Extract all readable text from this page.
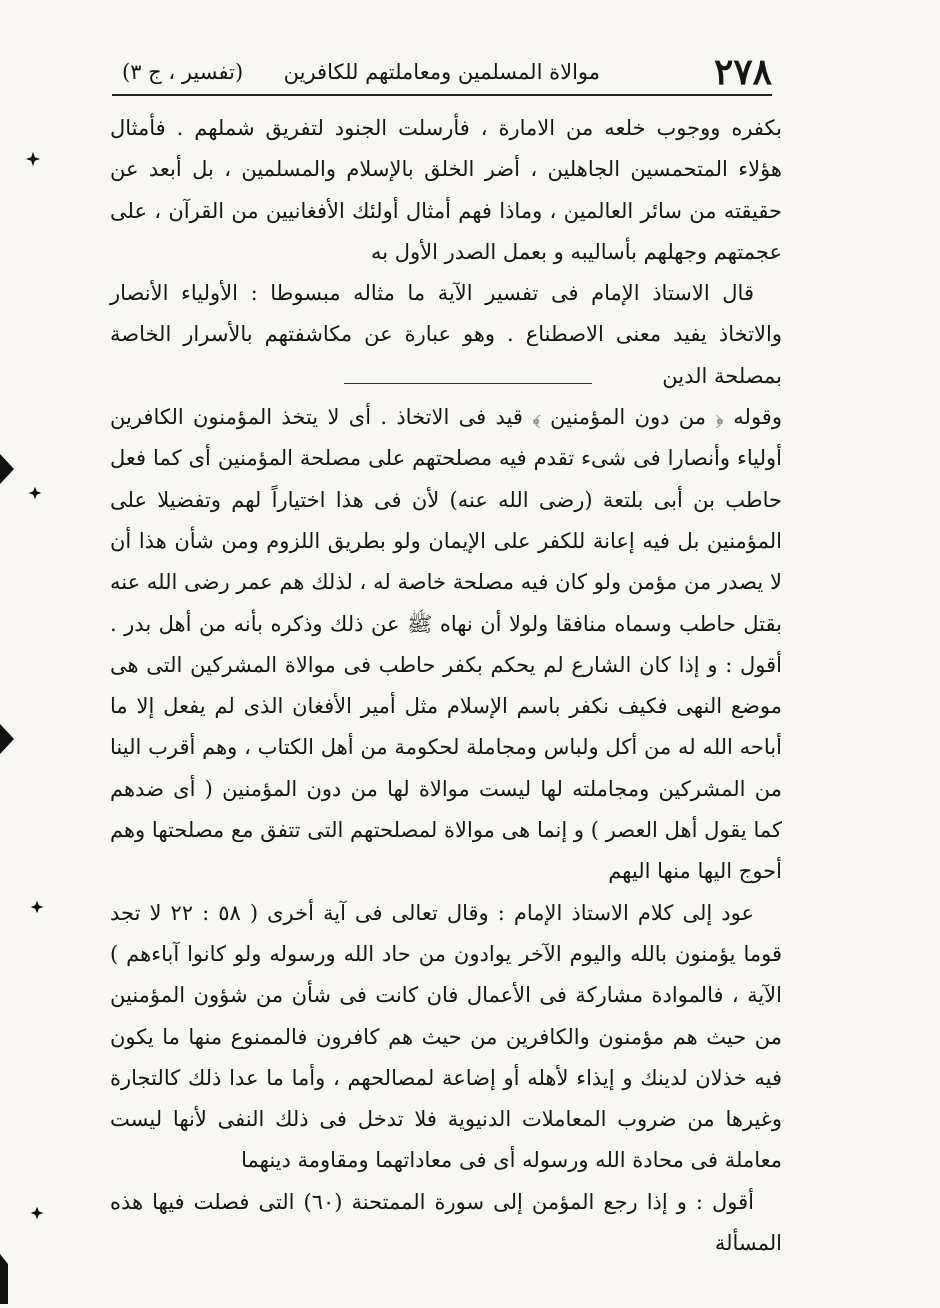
٢٧٨
موالاة المسلمين ومعاملتهم للكافرين
(تفسير ، ج ٣)

بكفره ووجوب خلعه من الامارة ، فأرسلت الجنود لتفريق شملهم . فأمثال هؤلاء المتحمسين الجاهلين ، أضر الخلق بالإسلام والمسلمين ، بل أبعد عن حقيقته من سائر العالمين ، وماذا فهم أمثال أولئك الأفغانيين من القرآن ، على عجمتهم وجهلهم بأساليبه و بعمل الصدر الأول به

قال الاستاذ الإمام فى تفسير الآية ما مثاله مبسوطا : الأولياء الأنصار والاتخاذ يفيد معنى الاصطناع . وهو عبارة عن مكاشفتهم بالأسرار الخاصة بمصلحة الدين

وقوله ﴿ من دون المؤمنين ﴾ قيد فى الاتخاذ . أى لا يتخذ المؤمنون الكافرين أولياء وأنصارا فى شىء تقدم فيه مصلحتهم على مصلحة المؤمنين أى كما فعل حاطب بن أبى بلتعة (رضى الله عنه) لأن فى هذا اختياراً لهم وتفضيلا على المؤمنين بل فيه إعانة للكفر على الإيمان ولو بطريق اللزوم ومن شأن هذا أن لا يصدر من مؤمن ولو كان فيه مصلحة خاصة له ، لذلك هم عمر رضى الله عنه بقتل حاطب وسماه منافقا ولولا أن نهاه ﷺ عن ذلك وذكره بأنه من أهل بدر . أقول : و إذا كان الشارع لم يحكم بكفر حاطب فى موالاة المشركين التى هى موضع النهى فكيف نكفر باسم الإسلام مثل أمير الأفغان الذى لم يفعل إلا ما أباحه الله له من أكل ولباس ومجاملة لحكومة من أهل الكتاب ، وهم أقرب الينا من المشركين ومجاملته لها ليست موالاة لها من دون المؤمنين ( أى ضدهم كما يقول أهل العصر ) و إنما هى موالاة لمصلحتهم التى تتفق مع مصلحتها وهم أحوج اليها منها اليهم

عود إلى كلام الاستاذ الإمام : وقال تعالى فى آية أخرى ( ٥٨ : ٢٢ لا تجد قوما يؤمنون بالله واليوم الآخر يوادون من حاد الله ورسوله ولو كانوا آباءهم ) الآية ، فالموادة مشاركة فى الأعمال فان كانت فى شأن من شؤون المؤمنين من حيث هم مؤمنون والكافرين من حيث هم كافرون فالممنوع منها ما يكون فيه خذلان لدينك و إيذاء لأهله أو إضاعة لمصالحهم ، وأما ما عدا ذلك كالتجارة وغيرها من ضروب المعاملات الدنيوية فلا تدخل فى ذلك النفى لأنها ليست معاملة فى محادة الله ورسوله أى فى معاداتهما ومقاومة دينهما

أقول : و إذا رجع المؤمن إلى سورة الممتحنة (٦٠) التى فصلت فيها هذه المسألة
